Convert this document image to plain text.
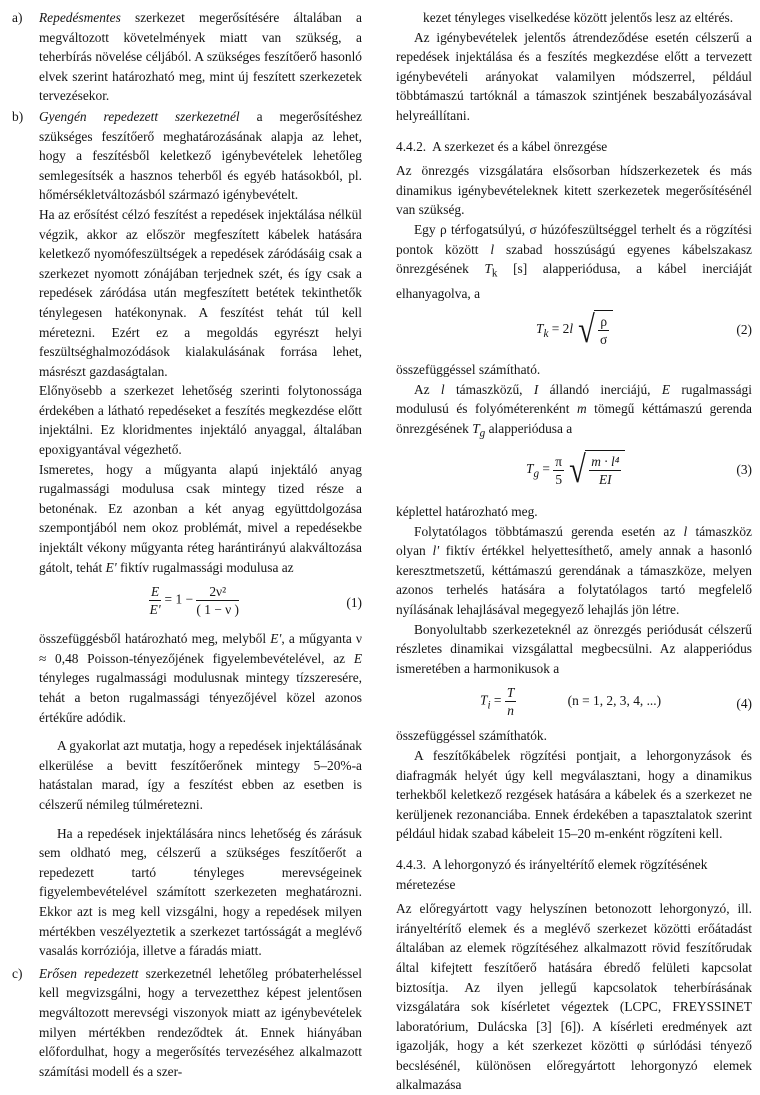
a) Repedésmentes szerkezet megerősítésére általában a megváltozott követelmények miatt van szükség, a teherbírás növelése céljából. A szükséges feszítőerő hasonló elvek szerint határozható meg, mint új feszített szerkezetek tervezésekor.

b) Gyengén repedezett szerkezetnél a megerősítéshez szükséges feszítőerő meghatározásának alapja az lehet, hogy a feszítésből keletkező igénybevételek lehetőleg semlegesítsék a hasznos teherből és egyéb hatásokból, pl. hőmérsékletváltozásból származó igénybevételt.

Ha az erősítést célzó feszítést a repedések injektálása nélkül végzik, akkor az először megfeszített kábelek hatására keletkező nyomófeszültségek a repedések záródásáig csak a szerkezet nyomott zónájában terjednek szét, és így csak a repedések záródása után megfeszített betétek tekinthetők ténylegesen hatékonynak. A feszítést tehát túl kell méretezni. Ezért ez a megoldás egyrészt helyi feszültséghalmozódások kialakulásának forrása lehet, másrészt gazdaságtalan.

Előnyösebb a szerkezet lehetőség szerinti folytonossága érdekében a látható repedéseket a feszítés megkezdése előtt injektálni. Ez kloridmentes injektáló anyaggal, általában epoxigyantával végezhető.

Ismeretes, hogy a műgyanta alapú injektáló anyag rugalmassági modulusa csak mintegy tized része a betonénak. Ez azonban a két anyag együttdolgozása szempontjából nem okoz problémát, mivel a repedésekbe injektált vékony műgyanta réteg harántirányú alakváltozása gátolt, tehát E' fiktív rugalmassági modulusa az

$\frac{E}{E'} = 1 - \frac{\text{2ν²}}{( 1 - \nu )}$	(1)

összefüggésből határozható meg, melyből E', a műgyanta ν ≈ 0,48 Poisson-tényezőjének figyelembevételével, az E tényleges rugalmassági modulusnak mintegy tízszeresére, tehát a beton rugalmassági tényezőjével közel azonos értékűre adódik.

A gyakorlat azt mutatja, hogy a repedések injektálásának elkerülése a bevitt feszítőerőnek mintegy 5–20%-a hatástalan marad, így a feszítést ebben az esetben is célszerű némileg túlméretezni.

Ha a repedések injektálására nincs lehetőség és zárásuk sem oldható meg, célszerű a szükséges feszítőerőt a repedezett tartó tényleges merevségeinek figyelembevételével számított szerkezeten meghatározni. Ekkor azt is meg kell vizsgálni, hogy a repedések milyen mértékben veszélyeztetik a szerkezet tartósságát a meglévő vasalás korróziója, illetve a fáradás miatt.

c) Erősen repedezett szerkezetnél lehetőleg próbaterheléssel kell megvizsgálni, hogy a tervezetthez képest jelentősen megváltozott merevségi viszonyok miatt az igénybevételek milyen mértékben rendeződtek át. Ennek hiányában előfordulhat, hogy a megerősítés tervezéséhez alkalmazott számítási modell és a szer-

kezet tényleges viselkedése között jelentős lesz az eltérés.

Az igénybevételek jelentős átrendeződése esetén célszerű a repedések injektálása és a feszítés megkezdése előtt a tervezett igénybevételi arányokat valamilyen módszerrel, például többtámaszú tartóknál a támaszok szintjének beszabályozásával helyreállítani.

4.4.2. A szerkezet és a kábel önrezgése

Az önrezgés vizsgálatára elsősorban hídszerkezetek és más dinamikus igénybevételeknek kitett szerkezetek megerősítésénél van szükség.

Egy ρ térfogatsúlyú, σ húzófeszültséggel terhelt és a rögzítési pontok között l szabad hosszúságú egyenes kábelszakasz önrezgésének $T_k$ [s] alapperiódusa, a kábel inerciáját elhanyagolva, a

$T_k = 2l$ √ $\frac{\rho}{\sigma}$	(2)

összefüggéssel számítható.

Az l támaszközű, I állandó inerciájú, E rugalmassági modulusú és folyóméterenként m tömegű kéttámaszú gerenda önrezgésének $T_g$ alapperiódusa a

$T_g = \frac{\pi}{5}$
√ $\frac{\text{m · l⁴}}{EI}$	(3)

képlettel határozható meg.

Folytatólagos többtámaszú gerenda esetén az l támaszköz olyan l' fiktív értékkel helyettesíthető, amely annak a hasonló keresztmetszetű, kéttámaszú gerendának a támaszköze, melyen azonos terhelés hatására a folytatólagos tartó megfelelő nyílásának lehajlásával megegyező lehajlás jön létre.

Bonyolultabb szerkezeteknél az önrezgés periódusát célszerű részletes dinamikai vizsgálattal megbecsülni. Az alapperiódus ismeretében a harmonikusok a

$T_i = \frac{T}{n}$	(n = 1, 2, 3, 4, ...)	(4)

összefüggéssel számíthatók.

A feszítőkábelek rögzítési pontjait, a lehorgonyzások és diafragmák helyét úgy kell megválasztani, hogy a dinamikus terhekből keletkező rezgések hatására a kábelek és a szerkezet ne kerüljenek rezonanciába. Ennek érdekében a tapasztalatok szerint például hidak szabad kábeleit 15–20 m-enként rögzíteni kell.

4.4.3. A lehorgonyzó és irányeltérítő elemek rögzítésének méretezése

Az előregyártott vagy helyszínen betonozott lehorgonyzó, ill. irányeltérítő elemek és a meglévő szerkezet közötti erőátadást általában az elemek rögzítéséhez alkalmazott rövid feszítőrudak által kifejtett feszítőerő hatására ébredő felületi kapcsolat biztosítja. Az ilyen jellegű kapcsolatok teherbírásának vizsgálatára sok kísérletet végeztek (LCPC, FREYSSINET laboratórium, Dulácska [3] [6]). A kísérleti eredmények azt igazolják, hogy a két szerkezet közötti φ súrlódási tényező becslésénél, különösen előregyártott lehorgonyzó elemek alkalmazása
